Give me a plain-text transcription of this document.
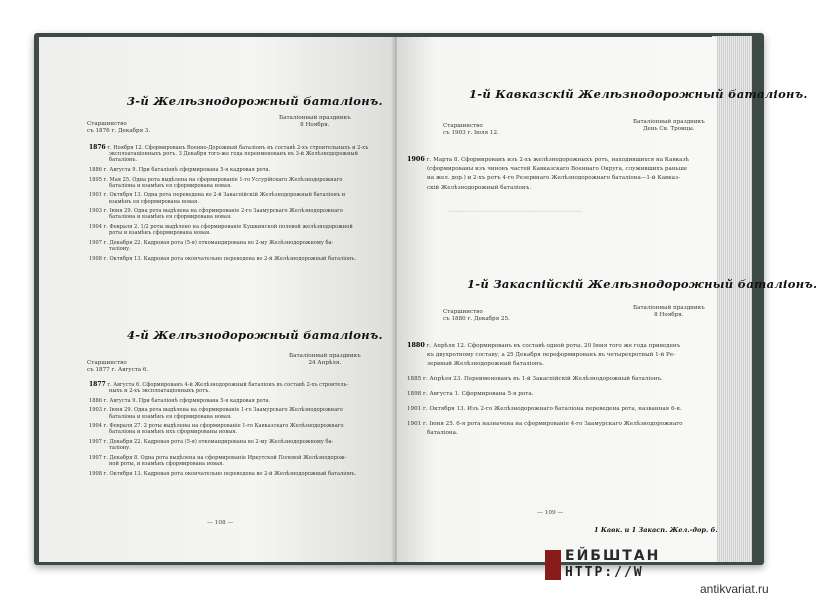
3-й Желѣзнодорожный баталіонъ.
Старшинство
съ 1876 г. Декабря 3.
Баталіонный праздникъ
8 Ноября.
1876 г. Ноября 12. Сформированъ Военно-Дорожный баталіонъ въ составѣ 2-хъ строительныхъ и 2-хъ
эксплоатаціонныхъ ротъ. 3 Декабря того-же года переименованъ въ 3-й Желѣзнодорожный
баталіонъ.
1886 г. Августа 9. При баталіонѣ сформирована 5-я кадровая рота.
1895 г. Мая 25. Одна рота выдѣлена на сформированіе 1-го Уссурійскаго Желѣзнодорожнаго
баталіона и взамѣнъ ея сформирована новая.
1901 г. Октября 13. Одна рота переведена во 2-й Закаспійскій Желѣзнодорожный баталіонъ и
взамѣнъ ея сформирована новая.
1903 г. Іюня 29. Одна рота выдѣлена на сформированіе 2-го Заамурскаго Желѣзнодорожнаго
баталіона и взамѣнъ ея сформирована новая.
1904 г. Февраля 2. 1/2 роты выдѣлено на сформированіе Кушкинской полевой желѣзнодорожной
роты и взамѣнъ сформирована новая.
1907 г. Декабря 22. Кадровая рота (5-я) откомандирована во 2-му Желѣзнодорожному ба-
таліону.
1908 г. Октября 13. Кадровая рота окончательно переведена во 2-й Желѣзнодорожный баталіонъ.
4-й Желѣзнодорожный баталіонъ.
Старшинство
съ 1877 г. Августа 6.
Баталіонный праздникъ
24 Апрѣля.
1877 г. Августа 6. Сформированъ 4-й Желѣзнодорожный баталіонъ въ составѣ 2-хъ строитель-
ныхъ и 2-хъ эксплоатаціонныхъ ротъ.
1886 г. Августа 9. При баталіонѣ сформирована 5-я кадровая рота.
1903 г. Іюня 29. Одна рота выдѣлена на сформированіе 1-го Заамурскаго Желѣзнодорожнаго
баталіона и взамѣнъ ея сформирована новая.
1904 г. Февраля 27. 2 роты выдѣлены на сформированіе 1-го Кавказскаго Желѣзнодорожнаго
баталіона и взамѣнъ ихъ сформированы новыя.
1907 г. Декабря 22. Кадровая рота (5-я) откомандирована во 2-му Желѣзнодорожному ба-
таліону.
1907 г. Декабря 8. Одна рота выдѣлена на сформированіе Иркутской Полевой Желѣзнодорож-
ной роты, и взамѣнъ сформирована новая.
1908 г. Октября 13. Кадровая рота окончательно переведена во 2-й Желѣзнодорожный баталіонъ.
— 108 —
———————————————
1-й Кавказскій Желѣзнодорожный баталіонъ.
Старшинство
съ 1903 г. Іюля 12.
Баталіонный праздникъ
День Св. Троицы.
1906 г. Марта 8. Сформированъ изъ 2-хъ желѣзнодорожныхъ ротъ, находившихся на Кавказѣ
(сформированы изъ чиновъ частей Кавказскаго Военнаго Округа, служившихъ раньше
на жел. дор.) и 2-хъ ротъ 4-го Резервнаго Желѣзнодорожнаго баталіона—1-й Кавказ-
скій Желѣзнодорожный баталіонъ.
1-й Закаспійскій Желѣзнодорожный баталіонъ.
Старшинство
съ 1880 г. Декабря 25.
Баталіонный праздникъ
8 Ноября.
1880 г. Апрѣля 12. Сформированъ въ составѣ одной роты. 20 Іюня того же года приведенъ
къ двухротному составу, а 25 Декабря переформированъ въ четырехротный 1-й Ре-
зервный Желѣзнодорожный баталіонъ.
1885 г. Апрѣля 23. Переименованъ въ 1-й Закаспійскій Желѣзнодорожный баталіонъ.
1898 г. Августа 1. Сформирована 5-я рота.
1901 г. Октября 13. Изъ 2-го Желѣзнодорожнаго баталіона переведена рота, названная 6-я.
1901 г. Іюня 25. 6-я рота назначена на сформированіе 4-го Заамурскаго Желѣзнодорожнаго
баталіона.
— 109 —
1 Кавк. и 1 Закасп. Жел.-дор. б.
ЕЙБШТАН
HTTP://W
antikvariat.ru
